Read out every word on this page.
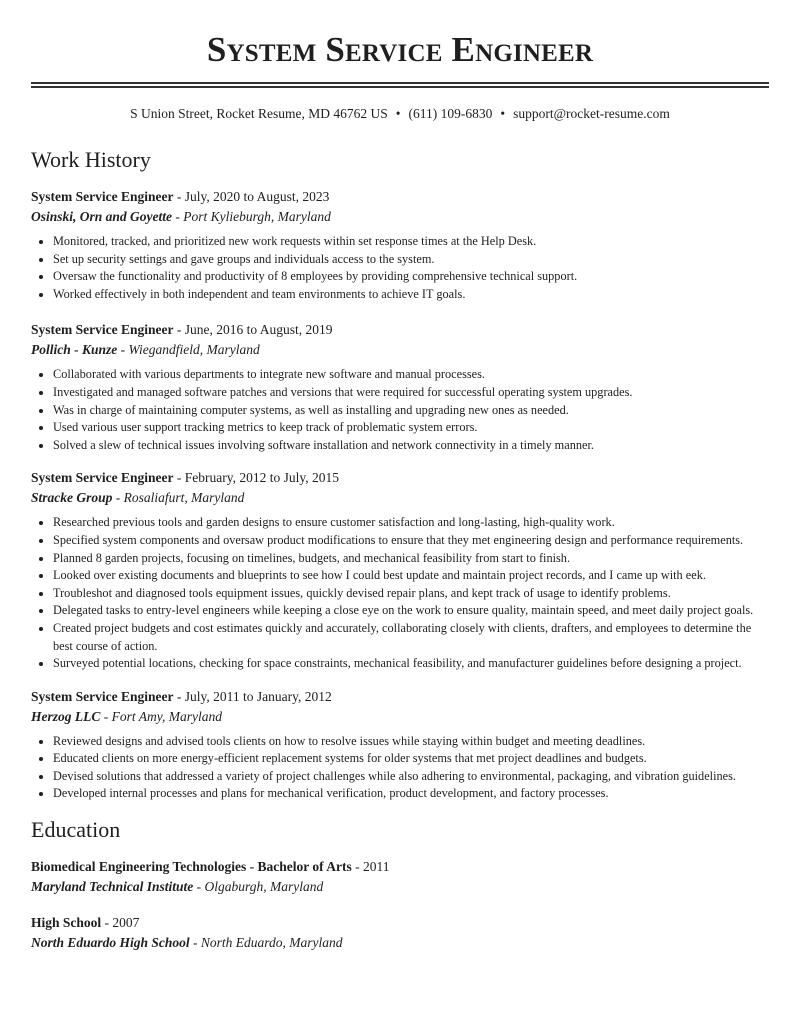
System Service Engineer
S Union Street, Rocket Resume, MD 46762 US • (611) 109-6830 • support@rocket-resume.com
Work History
System Service Engineer - July, 2020 to August, 2023
Osinski, Orn and Goyette - Port Kylieburgh, Maryland
• Monitored, tracked, and prioritized new work requests within set response times at the Help Desk.
• Set up security settings and gave groups and individuals access to the system.
• Oversaw the functionality and productivity of 8 employees by providing comprehensive technical support.
• Worked effectively in both independent and team environments to achieve IT goals.
System Service Engineer - June, 2016 to August, 2019
Pollich - Kunze - Wiegandfield, Maryland
• Collaborated with various departments to integrate new software and manual processes.
• Investigated and managed software patches and versions that were required for successful operating system upgrades.
• Was in charge of maintaining computer systems, as well as installing and upgrading new ones as needed.
• Used various user support tracking metrics to keep track of problematic system errors.
• Solved a slew of technical issues involving software installation and network connectivity in a timely manner.
System Service Engineer - February, 2012 to July, 2015
Stracke Group - Rosaliafurt, Maryland
• Researched previous tools and garden designs to ensure customer satisfaction and long-lasting, high-quality work.
• Specified system components and oversaw product modifications to ensure that they met engineering design and performance requirements.
• Planned 8 garden projects, focusing on timelines, budgets, and mechanical feasibility from start to finish.
• Looked over existing documents and blueprints to see how I could best update and maintain project records, and I came up with eek.
• Troubleshot and diagnosed tools equipment issues, quickly devised repair plans, and kept track of usage to identify problems.
• Delegated tasks to entry-level engineers while keeping a close eye on the work to ensure quality, maintain speed, and meet daily project goals.
• Created project budgets and cost estimates quickly and accurately, collaborating closely with clients, drafters, and employees to determine the best course of action.
• Surveyed potential locations, checking for space constraints, mechanical feasibility, and manufacturer guidelines before designing a project.
System Service Engineer - July, 2011 to January, 2012
Herzog LLC - Fort Amy, Maryland
• Reviewed designs and advised tools clients on how to resolve issues while staying within budget and meeting deadlines.
• Educated clients on more energy-efficient replacement systems for older systems that met project deadlines and budgets.
• Devised solutions that addressed a variety of project challenges while also adhering to environmental, packaging, and vibration guidelines.
• Developed internal processes and plans for mechanical verification, product development, and factory processes.
Education
Biomedical Engineering Technologies - Bachelor of Arts - 2011
Maryland Technical Institute - Olgaburgh, Maryland
High School - 2007
North Eduardo High School - North Eduardo, Maryland
